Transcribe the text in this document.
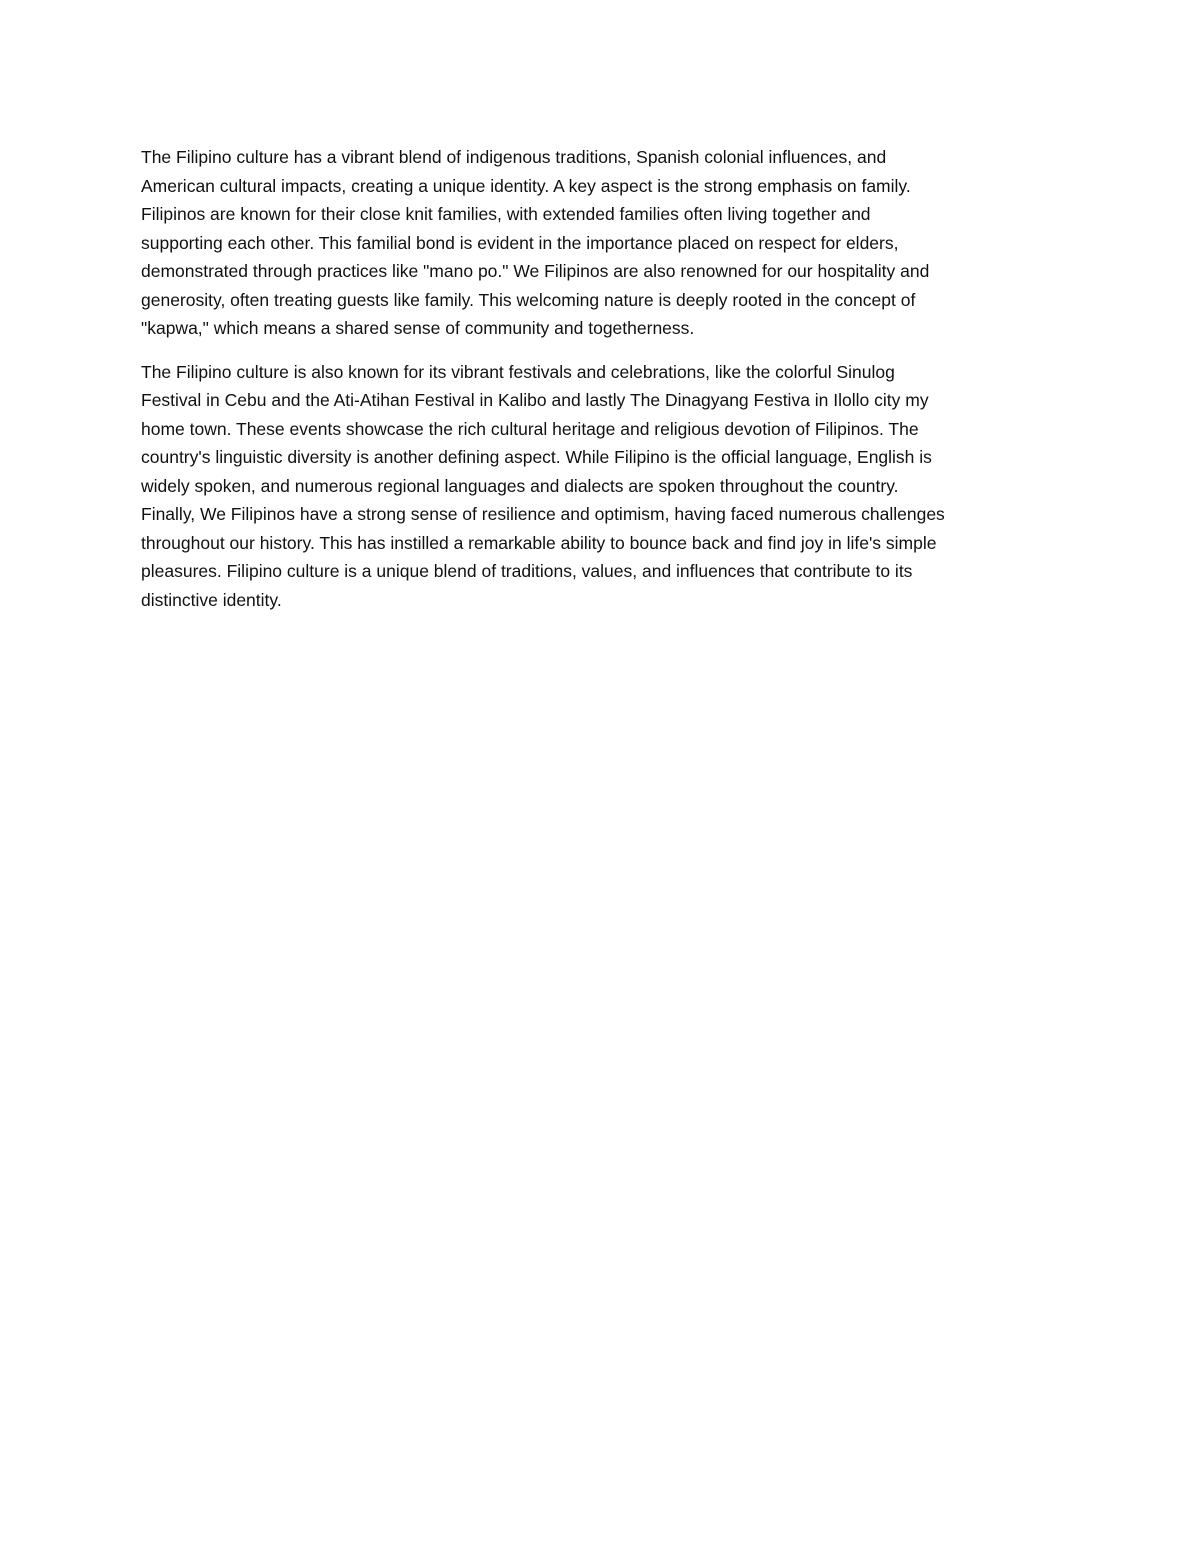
The Filipino culture has a vibrant blend of indigenous traditions, Spanish colonial influences, and
American cultural impacts, creating a unique identity. A key aspect is the strong emphasis on family.
Filipinos are known for their close knit families, with extended families often living together and
supporting each other. This familial bond is evident in the importance placed on respect for elders,
demonstrated through practices like "mano po." We Filipinos are also renowned for our hospitality and
generosity, often treating guests like family. This welcoming nature is deeply rooted in the concept of
"kapwa," which means a shared sense of community and togetherness.

The Filipino culture is also known for its vibrant festivals and celebrations, like the colorful Sinulog
Festival in Cebu and the Ati-Atihan Festival in Kalibo and lastly The Dinagyang Festiva in Ilollo city my
home town. These events showcase the rich cultural heritage and religious devotion of Filipinos. The
country's linguistic diversity is another defining aspect. While Filipino is the official language, English is
widely spoken, and numerous regional languages and dialects are spoken throughout the country.
Finally, We Filipinos have a strong sense of resilience and optimism, having faced numerous challenges
throughout our history. This has instilled a remarkable ability to bounce back and find joy in life's simple
pleasures. Filipino culture is a unique blend of traditions, values, and influences that contribute to its
distinctive identity.
